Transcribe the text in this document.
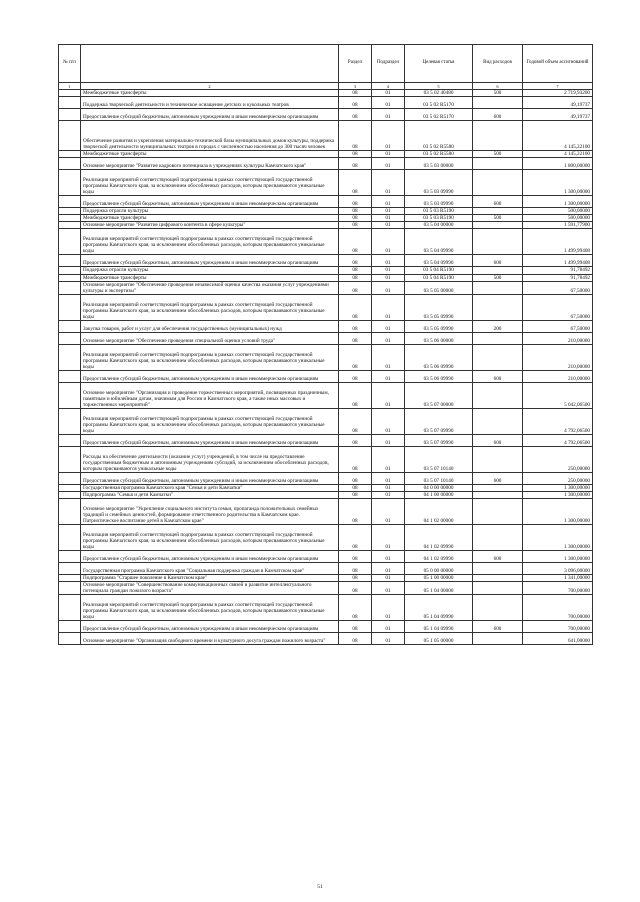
№ п/п		Раздел	Подраздел	Целевая статья	Вид расходов	Годовой объем ассигнований
1	2	3	4	5	6	7
	Межбюджетные трансферты	08	01	03 5 02 40480	500	2 719,93200
	Поддержка творческой деятельности и техническое оснащение детских и кукольных театров	08	01	03 5 02 R5170		49,19737
	Предоставление субсидий бюджетным, автономным учреждениям и иным некоммерческим организациям	08	01	03 5 02 R5170	600	49,19737
	Обеспечение развития и укрепления материально-технической базы муниципальных домов культуры, поддержка творческой деятельности муниципальных театров в городах с численностью населения до 300 тысяч человек	08	01	03 5 02 R5580		4 145,22100
	Межбюджетные трансферты	08	01	03 5 02 R5580	500	4 145,22100
	Основное мероприятие "Развитие кадрового потенциала в учреждениях культуры Камчатского края"	08	01	03 5 03 00000		1 800,00000
	Реализация мероприятий соответствующей подпрограммы в рамках соответствующей государственной программы Камчатского края, за исключением обособленных расходов, которым присваиваются уникальные коды	08	01	03 5 03 09990		1 300,00000
	Предоставление субсидий бюджетным, автономным учреждениям и иным некоммерческим организациям	08	01	03 5 03 09990	600	1 300,00000
	Поддержка отрасли культуры	08	01	03 5 03 R5190		500,00000
	Межбюджетные трансферты	08	01	03 5 03 R5190	500	500,00000
	Основное мероприятие "Развитие цифрового контента в сфере культуры"	08	01	03 5 04 00000		1 591,77900
	Реализация мероприятий соответствующей подпрограммы в рамках соответствующей государственной программы Камчатского края, за исключением обособленных расходов, которым присваиваются уникальные коды	08	01	03 5 04 09990		1 499,99408
	Предоставление субсидий бюджетным, автономным учреждениям и иным некоммерческим организациям	08	01	03 5 04 09990	600	1 499,99408
	Поддержка отрасли культуры	08	01	03 5 04 R5190		91,78492
	Межбюджетные трансферты	08	01	03 5 04 R5190	500	91,78492
	Основное мероприятие "Обеспечение проведения независимой оценки качества оказания услуг учреждениями культуры и экспертизы"	08	01	03 5 05 00000		67,50000
	Реализация мероприятий соответствующей подпрограммы в рамках соответствующей государственной программы Камчатского края, за исключением обособленных расходов, которым присваиваются уникальные коды	08	01	03 5 05 09990		67,50000
	Закупка товаров, работ и услуг для обеспечения государственных (муниципальных) нужд	08	01	03 5 05 09990	200	67,50000
	Основное мероприятие "Обеспечение проведения специальной оценки условий труда"	08	01	03 5 06 00000		210,00000
	Реализация мероприятий соответствующей подпрограммы в рамках соответствующей государственной программы Камчатского края, за исключением обособленных расходов, которым присваиваются уникальные коды	08	01	03 5 06 09990		210,00000
	Предоставление субсидий бюджетным, автономным учреждениям и иным некоммерческим организациям	08	01	03 5 06 09990	600	210,00000
	Основное мероприятие "Организация и проведение торжественных мероприятий, посвященных праздничным, памятным и юбилейным датам, значимым для России и Камчатского края, а также иных массовых и торжественных мероприятий"	08	01	03 5 07 00000		5 042,06500
	Реализация мероприятий соответствующей подпрограммы в рамках соответствующей государственной программы Камчатского края, за исключением обособленных расходов, которым присваиваются уникальные коды	08	01	03 5 07 09990		4 792,06500
	Предоставление субсидий бюджетным, автономным учреждениям и иным некоммерческим организациям	08	01	03 5 07 09990	600	4 792,06500
	Расходы на обеспечение деятельности (оказание услуг) учреждений, в том числе на предоставление государственным бюджетным и автономным учреждениям субсидий, за исключением обособленных расходов, которым присваиваются уникальные коды	08	01	03 5 07 10140		250,00000
	Предоставление субсидий бюджетным, автономным учреждениям и иным некоммерческим организациям	08	01	03 5 07 10140	600	250,00000
	Государственная программа Камчатского края "Семья и дети Камчатки"	08	01	04 0 00 00000		1 300,00000
	Подпрограмма "Семья и дети Камчатки"	08	01	04 1 00 00000		1 300,00000
	Основное мероприятие "Укрепление социального института семьи, пропаганда положительных семейных традиций и семейных ценностей, формирование ответственного родительства в Камчатском крае. Патриотическое воспитание детей в Камчатском крае"	08	01	04 1 02 00000		1 300,00000
	Реализация мероприятий соответствующей подпрограммы в рамках соответствующей государственной программы Камчатского края, за исключением обособленных расходов, которым присваиваются уникальные коды	08	01	04 1 02 09990		1 300,00000
	Предоставление субсидий бюджетным, автономным учреждениям и иным некоммерческим организациям	08	01	04 1 02 09990	600	1 300,00000
	Государственная программа Камчатского края "Социальная поддержка граждан в Камчатском крае"	08	01	05 0 00 00000		3 096,00000
	Подпрограмма "Старшее поколение в Камчатском крае"	08	01	05 1 00 00000		1 341,00000
	Основное мероприятие "Совершенствование коммуникационных связей и развитие интеллектуального потенциала граждан пожилого возраста"	08	01	05 1 04 00000		700,00000
	Реализация мероприятий соответствующей подпрограммы в рамках соответствующей государственной программы Камчатского края, за исключением обособленных расходов, которым присваиваются уникальные коды	08	01	05 1 04 09990		700,00000
	Предоставление субсидий бюджетным, автономным учреждениям и иным некоммерческим организациям	08	01	05 1 04 09990	600	700,00000
	Основное мероприятие "Организация свободного времени и культурного досуга граждан пожилого возраста"	08	01	05 1 05 00000		641,00000
51
